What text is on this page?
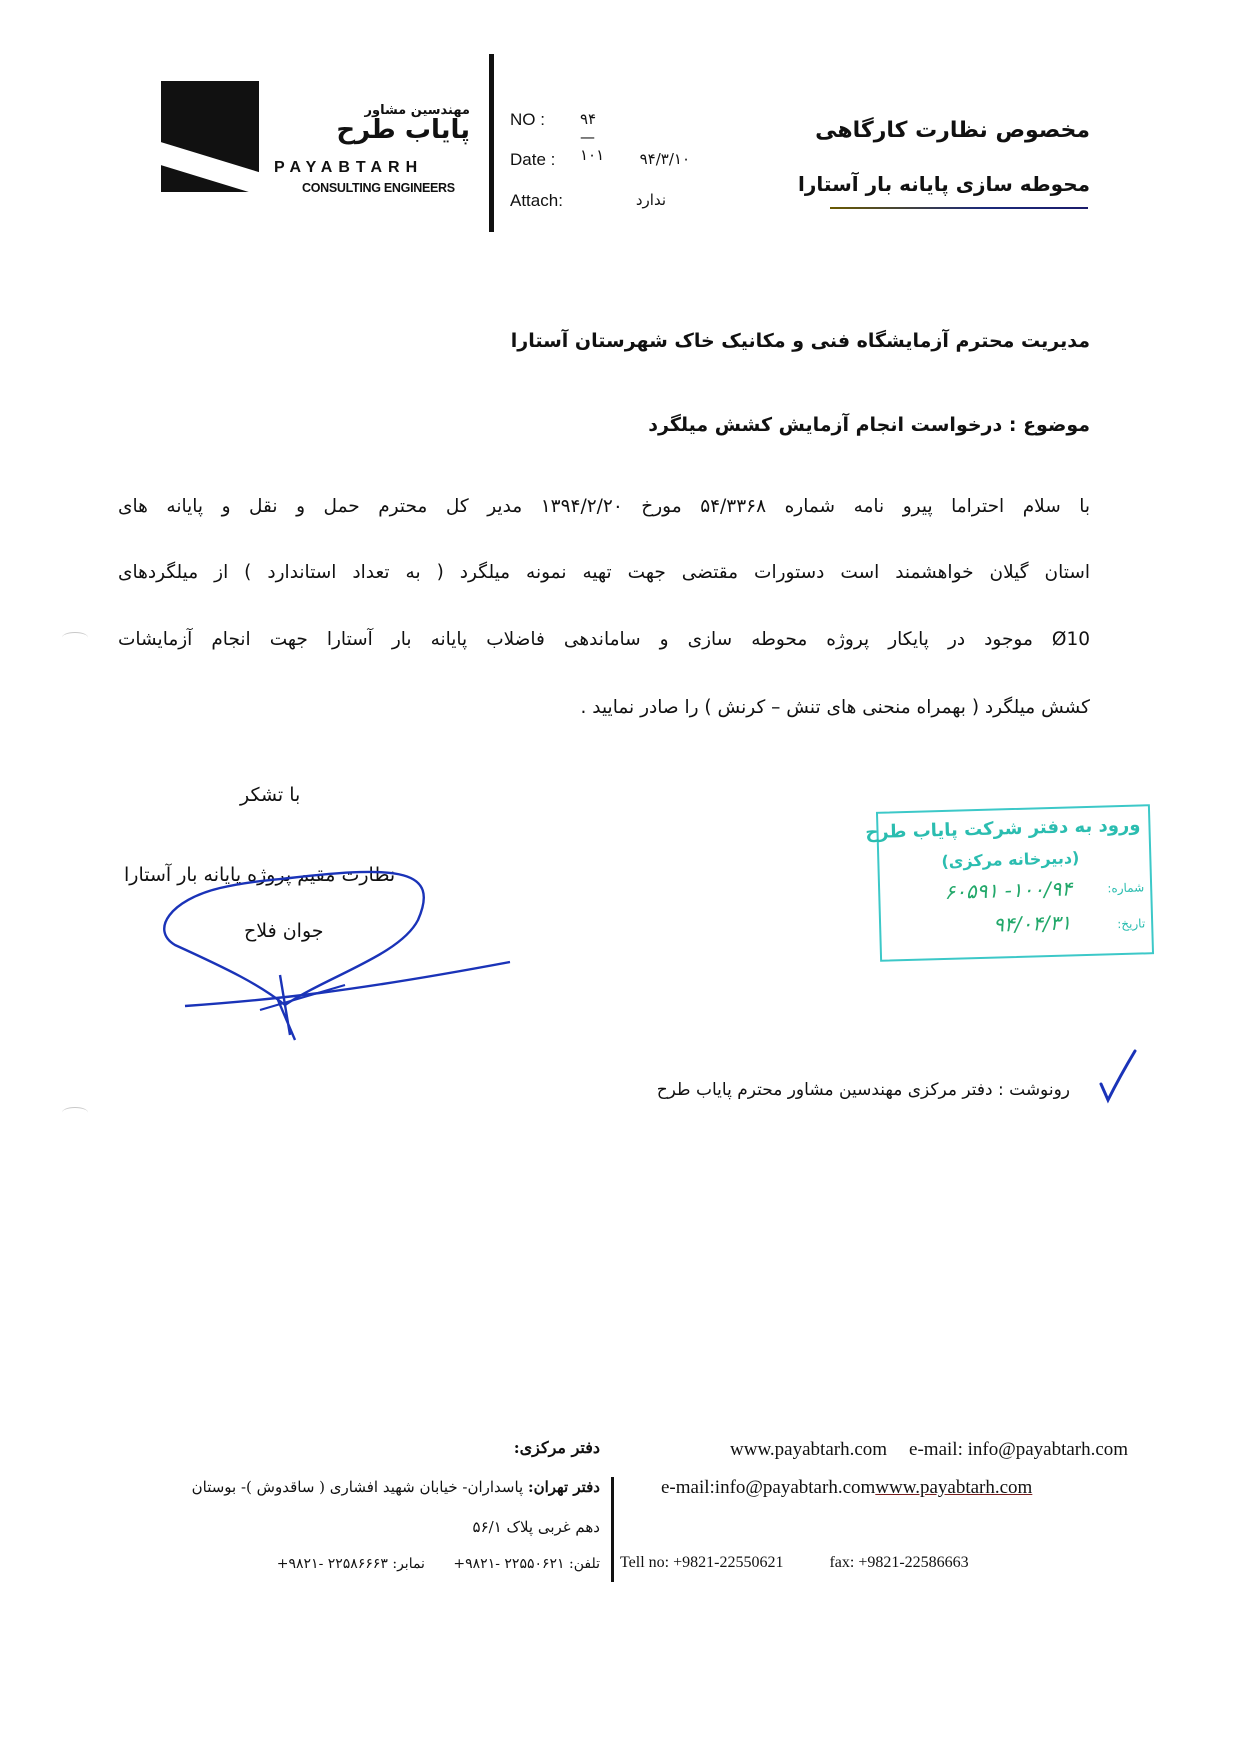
مهندسین مشاور
پایاب طرح
PAYABTARH
CONSULTING ENGINEERS
NO : ۹۴—۱۰۱
Date :	۹۴/۳/۱۰
Attach:	ندارد
مخصوص نظارت کارگاهی
محوطه سازی پایانه بار آستارا
مدیریت محترم آزمایشگاه فنی و مکانیک خاک شهرستان آستارا
موضوع : درخواست انجام آزمایش کشش میلگرد
با سلام احتراما پیرو نامه شماره ۵۴/۳۳۶۸ مورخ ۱۳۹۴/۲/۲۰ مدیر کل محترم حمل و نقل و پایانه های
استان گیلان خواهشمند است دستورات مقتضی جهت تهیه نمونه میلگرد ( به تعداد استاندارد ) از میلگردهای
Ø10 موجود در پایکار پروژه محوطه سازی و ساماندهی فاضلاب پایانه بار آستارا جهت انجام آزمایشات
کشش میلگرد ( بهمراه منحنی های تنش – کرنش ) را صادر نمایید .
با تشکر
نظارت مقیم پروژه پایانه بار آستارا
جوان فلاح
ورود به دفتر شرکت پایاب طرح
(دبیرخانه مرکزی)
شماره:
۱۰۰/۹۴- ۶۰۵۹۱
تاریخ:
۹۴/۰۴/۳۱
رونوشت : دفتر مرکزی مهندسین مشاور محترم پایاب طرح
دفتر مرکزی:
دفتر تهران: پاسداران- خیابان شهید افشاری ( ساقدوش )- بوستان
دهم غربی پلاک ۵۶/۱
تلفن: ۲۲۵۵۰۶۲۱ -۹۸۲۱+ نمابر: ۲۲۵۸۶۶۶۳ -۹۸۲۱+
www.payabtarh.com e-mail: info@payabtarh.com
e-mail:info@payabtarh.comwww.payabtarh.com
Tell no: +9821-22550621	fax: +9821-22586663
